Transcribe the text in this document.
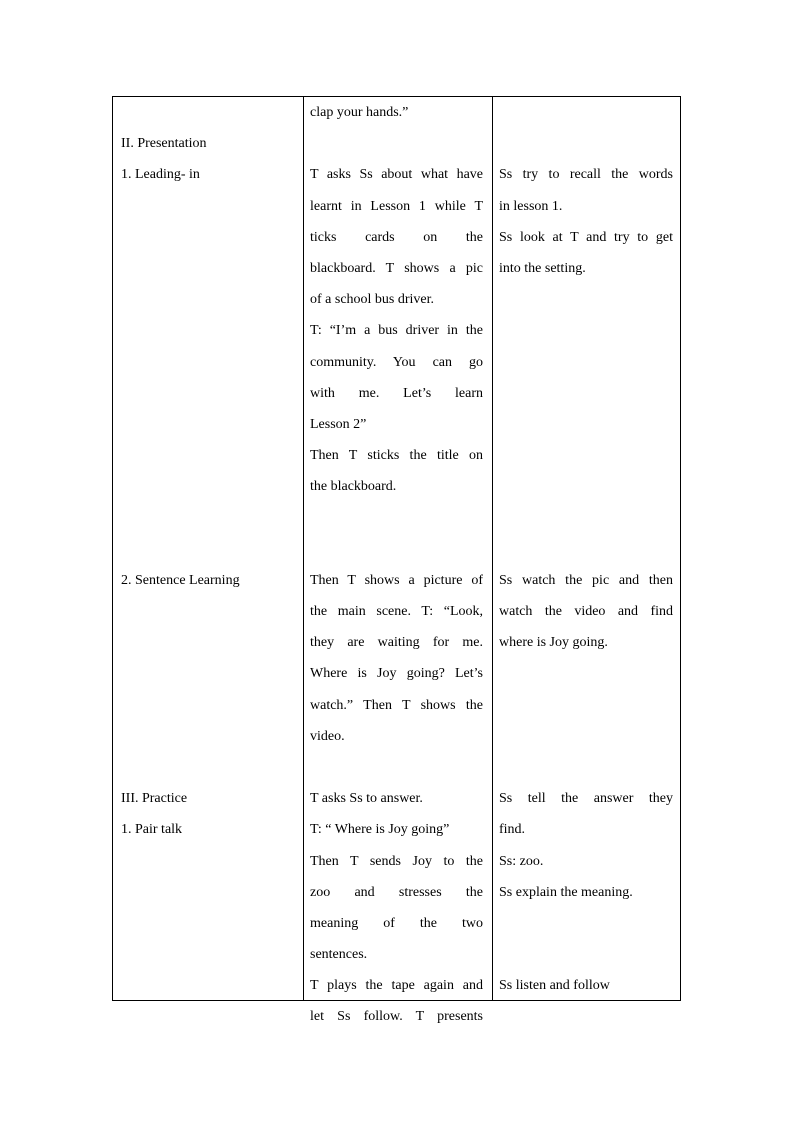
II. Presentation
1. Leading- in
2. Sentence Learning
III. Practice
1. Pair talk
clap your hands.”
T asks Ss about what have
learnt in Lesson 1 while T
ticks cards on the
blackboard. T shows a pic
of a school bus driver.
T: “I’m a bus driver in the
community. You can go
with me. Let’s learn
Lesson 2”
Then T sticks the title on
the blackboard.
Then T shows a picture of
the main scene. T: “Look,
they are waiting for me.
Where is Joy going? Let’s
watch.” Then T shows the
video.
T asks Ss to answer.
T: “ Where is Joy going”
Then T sends Joy to the
zoo and stresses the
meaning of the two
sentences.
T plays the tape again and
let Ss follow. T presents
Ss try to recall the words
in lesson 1.
Ss look at T and try to get
into the setting.
Ss watch the pic and then
watch the video and find
where is Joy going.
Ss tell the answer they
find.
Ss: zoo.
Ss explain the meaning.
Ss listen and follow
